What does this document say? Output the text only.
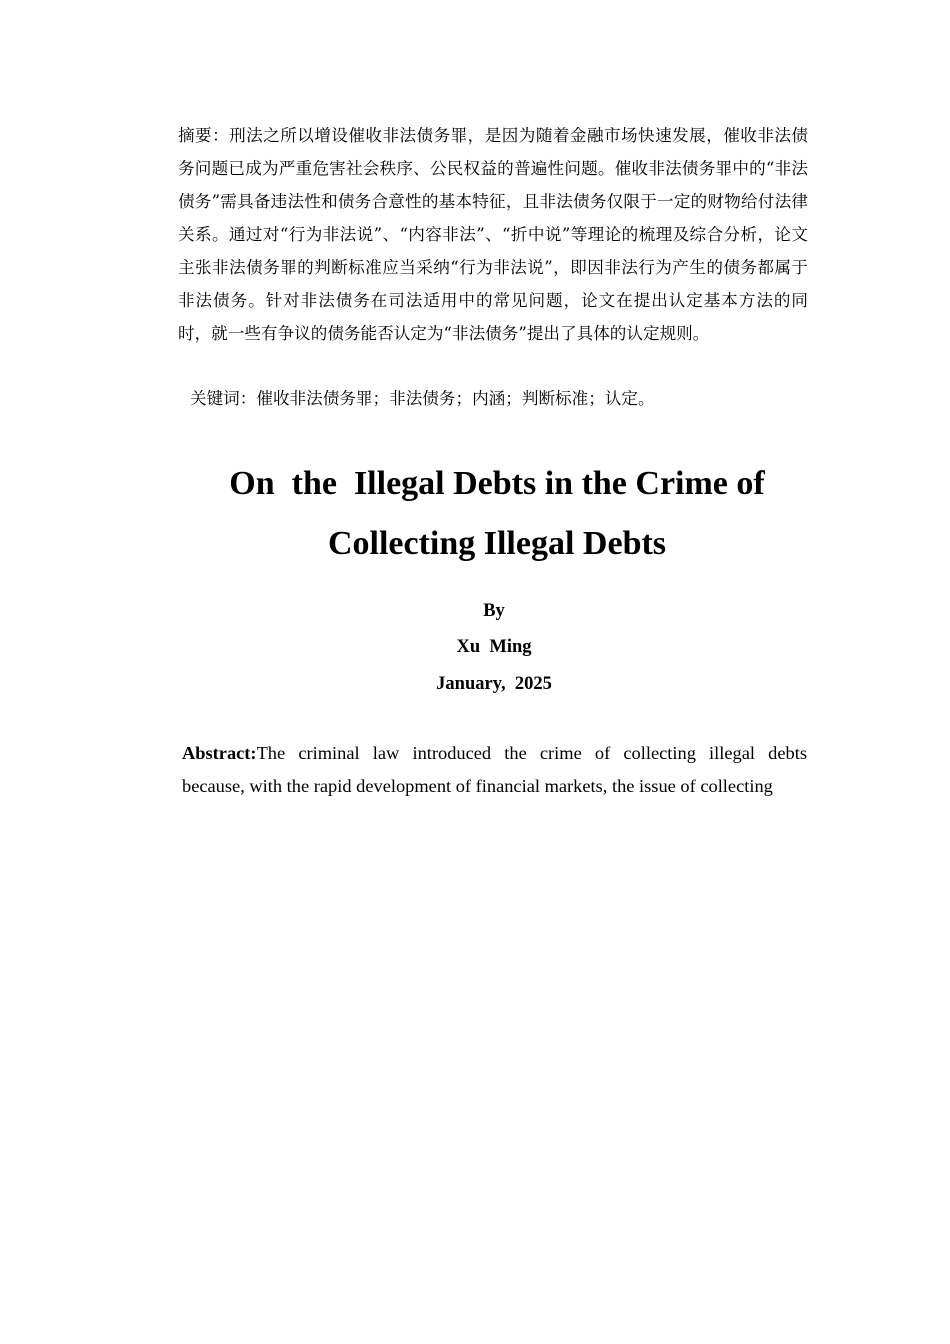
摘要：刑法之所以增设催收非法债务罪，是因为随着金融市场快速发展，催收非法债务问题已成为严重危害社会秩序、公民权益的普遍性问题。催收非法债务罪中的“非法债务”需具备违法性和债务合意性的基本特征，且非法债务仅限于一定的财物给付法律关系。通过对“行为非法说”、“内容非法”、“折中说”等理论的梳理及综合分析，论文主张非法债务罪的判断标准应当采纳“行为非法说”，即因非法行为产生的债务都属于非法债务。针对非法债务在司法适用中的常见问题，论文在提出认定基本方法的同时，就一些有争议的债务能否认定为“非法债务”提出了具体的认定规则。

关键词：催收非法债务罪；非法债务；内涵；判断标准；认定。

On  the  Illegal Debts in the Crime of
Collecting Illegal Debts

By

Xu  Ming

January,  2025

Abstract:The criminal law introduced the crime of collecting illegal debts
because, with the rapid development of financial markets, the issue of collecting
